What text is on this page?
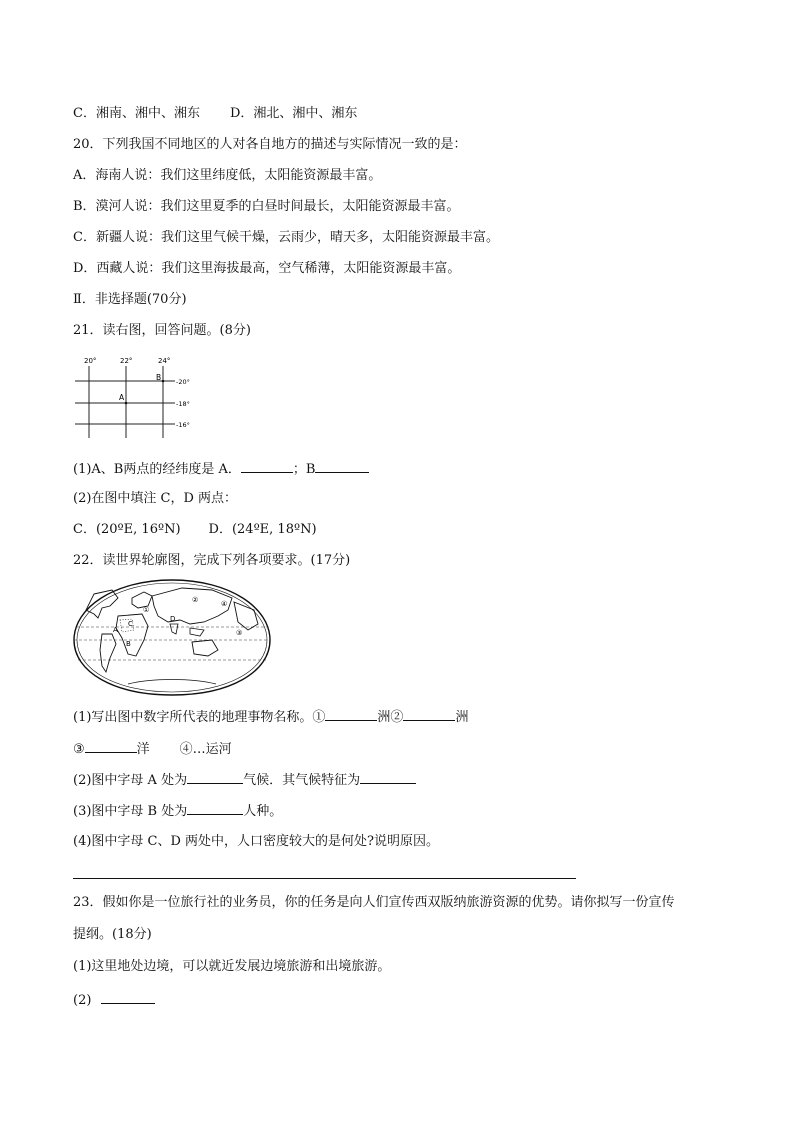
C．湘南、湘中、湘东 D．湘北、湘中、湘东
20．下列我国不同地区的人对各自地方的描述与实际情况一致的是：
A．海南人说：我们这里纬度低，太阳能资源最丰富。
B．漠河人说：我们这里夏季的白昼时间最长，太阳能资源最丰富。
C．新疆人说：我们这里气候干燥，云雨少，晴天多，太阳能资源最丰富。
D．西藏人说：我们这里海拔最高，空气稀薄，太阳能资源最丰富。
Ⅱ．非选择题(70分)
21．读右图，回答问题。(8分)
20°	22°	24°
-20°
-18°
-16°
B
A
(1)A、B两点的经纬度是 A．	；B
(2)在图中填注 C，D 两点：
C．(20ºE, 16ºN) D．(24ºE, 18ºN)
22．读世界轮廓图，完成下列各项要求。(17分)
①
②	④
③
A
B
C
D
(1)写出图中数字所代表的地理事物名称。①	洲②	洲
③	洋 ④…运河
(2)图中字母 A 处为	气候．其气候特征为
(3)图中字母 B 处为	人种。
(4)图中字母 C、D 两处中，人口密度较大的是何处?说明原因。
23．假如你是一位旅行社的业务员，你的任务是向人们宣传西双版纳旅游资源的优势。请你拟写一份宣传
提纲。(18分)
(1)这里地处边境，可以就近发展边境旅游和出境旅游。
(2)
